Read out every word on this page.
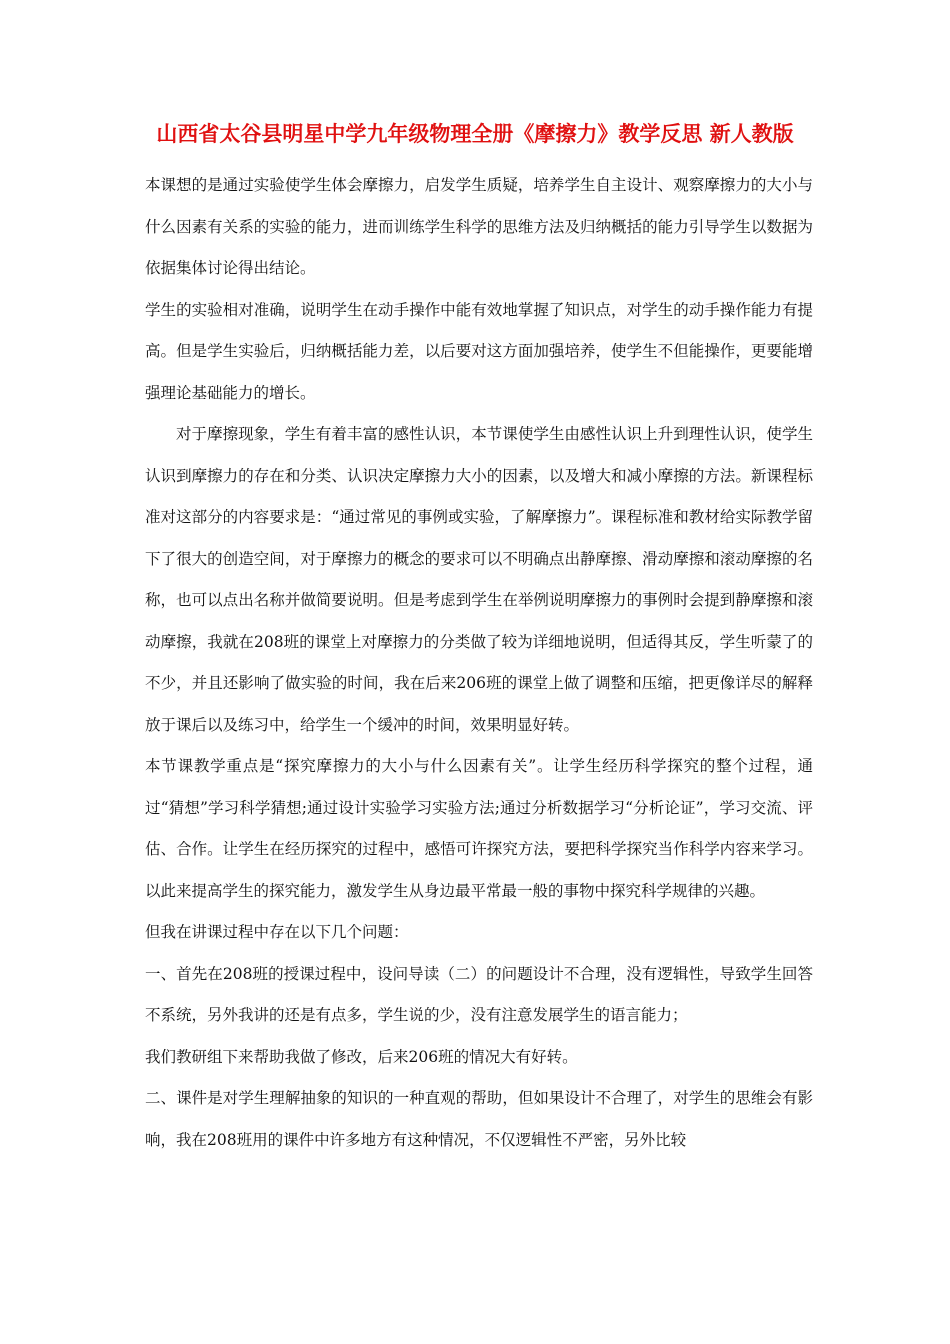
山西省太谷县明星中学九年级物理全册《摩擦力》教学反思 新人教版

本课想的是通过实验使学生体会摩擦力，启发学生质疑，培养学生自主设计、观察摩擦力的大小与什么因素有关系的实验的能力，进而训练学生科学的思维方法及归纳概括的能力引导学生以数据为依据集体讨论得出结论。

学生的实验相对准确，说明学生在动手操作中能有效地掌握了知识点，对学生的动手操作能力有提高。但是学生实验后，归纳概括能力差，以后要对这方面加强培养，使学生不但能操作，更要能增强理论基础能力的增长。

对于摩擦现象，学生有着丰富的感性认识，本节课使学生由感性认识上升到理性认识，使学生认识到摩擦力的存在和分类、认识决定摩擦力大小的因素，以及增大和减小摩擦的方法。新课程标准对这部分的内容要求是：“通过常见的事例或实验，了解摩擦力”。课程标准和教材给实际教学留下了很大的创造空间，对于摩擦力的概念的要求可以不明确点出静摩擦、滑动摩擦和滚动摩擦的名称，也可以点出名称并做简要说明。但是考虑到学生在举例说明摩擦力的事例时会提到静摩擦和滚动摩擦，我就在208班的课堂上对摩擦力的分类做了较为详细地说明，但适得其反，学生听蒙了的不少，并且还影响了做实验的时间，我在后来206班的课堂上做了调整和压缩，把更像详尽的解释放于课后以及练习中，给学生一个缓冲的时间，效果明显好转。

本节课教学重点是“探究摩擦力的大小与什么因素有关”。让学生经历科学探究的整个过程，通过“猜想”学习科学猜想;通过设计实验学习实验方法;通过分析数据学习“分析论证”，学习交流、评估、合作。让学生在经历探究的过程中，感悟可许探究方法，要把科学探究当作科学内容来学习。以此来提高学生的探究能力，激发学生从身边最平常最一般的事物中探究科学规律的兴趣。

但我在讲课过程中存在以下几个问题：

一、首先在208班的授课过程中，设问导读（二）的问题设计不合理，没有逻辑性，导致学生回答不系统，另外我讲的还是有点多，学生说的少，没有注意发展学生的语言能力；

我们教研组下来帮助我做了修改，后来206班的情况大有好转。

二、课件是对学生理解抽象的知识的一种直观的帮助，但如果设计不合理了，对学生的思维会有影响，我在208班用的课件中许多地方有这种情况，不仅逻辑性不严密，另外比较
